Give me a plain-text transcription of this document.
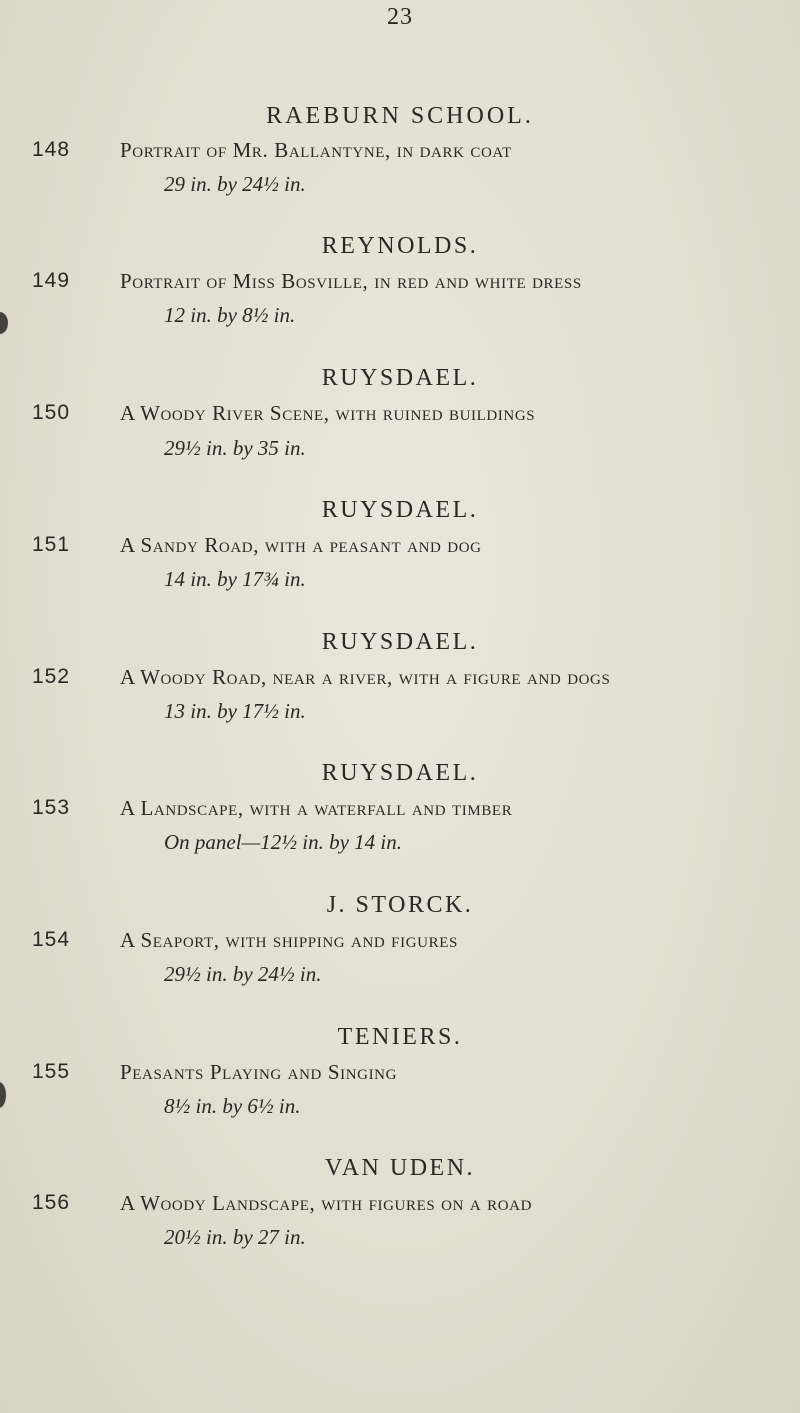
23
RAEBURN SCHOOL.
148 Portrait of Mr. Ballantyne, in dark coat
29 in. by 24½ in.
REYNOLDS.
149 Portrait of Miss Bosville, in red and white dress
12 in. by 8½ in.
RUYSDAEL.
150 A Woody River Scene, with ruined buildings
29½ in. by 35 in.
RUYSDAEL.
151 A Sandy Road, with a peasant and dog
14 in. by 17¾ in.
RUYSDAEL.
152 A Woody Road, near a river, with a figure and dogs
13 in. by 17½ in.
RUYSDAEL.
153 A Landscape, with a waterfall and timber
On panel—12½ in. by 14 in.
J. STORCK.
154 A Seaport, with shipping and figures
29½ in. by 24½ in.
TENIERS.
155 Peasants Playing and Singing
8½ in. by 6½ in.
VAN UDEN.
156 A Woody Landscape, with figures on a road
20½ in. by 27 in.
